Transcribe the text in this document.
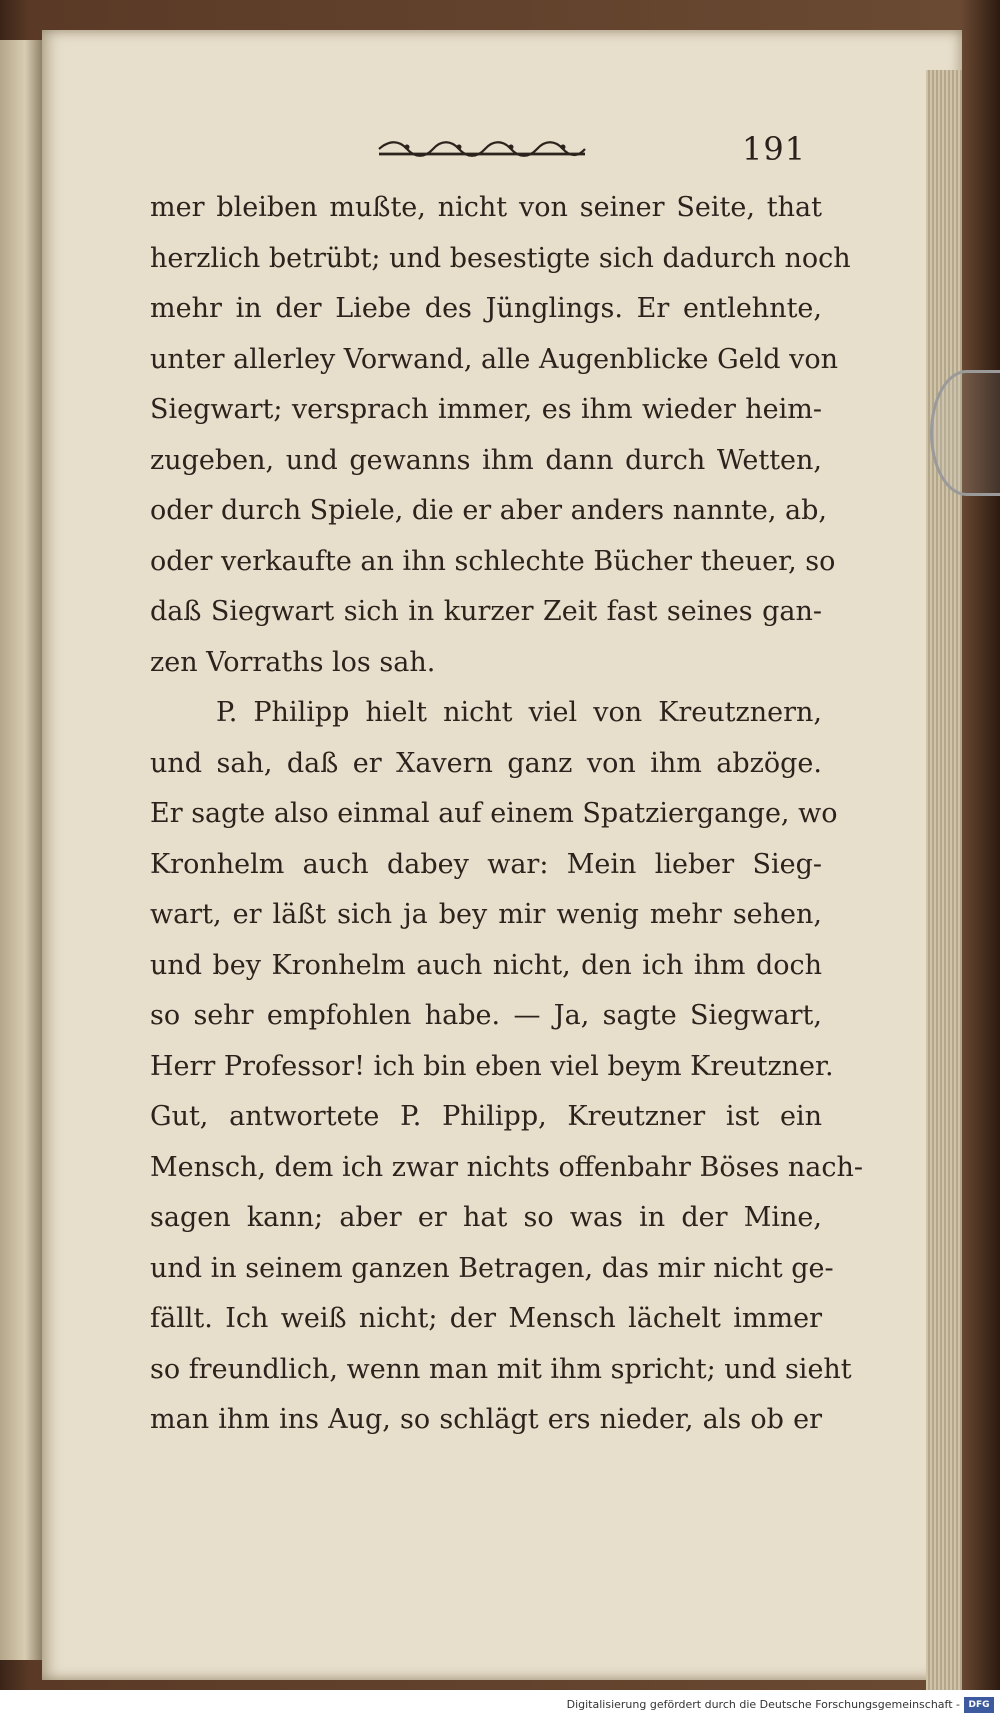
191
mer bleiben mußte, nicht von seiner Seite, that
herzlich betrübt; und besestigte sich dadurch noch
mehr in der Liebe des Jünglings. Er entlehnte,
unter allerley Vorwand, alle Augenblicke Geld von
Siegwart; versprach immer, es ihm wieder heim-
zugeben, und gewanns ihm dann durch Wetten,
oder durch Spiele, die er aber anders nannte, ab,
oder verkaufte an ihn schlechte Bücher theuer, so
daß Siegwart sich in kurzer Zeit fast seines gan-
zen Vorraths los sah.
P. Philipp hielt nicht viel von Kreutznern,
und sah, daß er Xavern ganz von ihm abzöge.
Er sagte also einmal auf einem Spatziergange, wo
Kronhelm auch dabey war: Mein lieber Sieg-
wart, er läßt sich ja bey mir wenig mehr sehen,
und bey Kronhelm auch nicht, den ich ihm doch
so sehr empfohlen habe. — Ja, sagte Siegwart,
Herr Professor! ich bin eben viel beym Kreutzner.
Gut, antwortete P. Philipp, Kreutzner ist ein
Mensch, dem ich zwar nichts offenbahr Böses nach-
sagen kann; aber er hat so was in der Mine,
und in seinem ganzen Betragen, das mir nicht ge-
fällt. Ich weiß nicht; der Mensch lächelt immer
so freundlich, wenn man mit ihm spricht; und sieht
man ihm ins Aug, so schlägt ers nieder, als ob er
Digitalisierung gefördert durch die Deutsche Forschungsgemeinschaft - DFG
